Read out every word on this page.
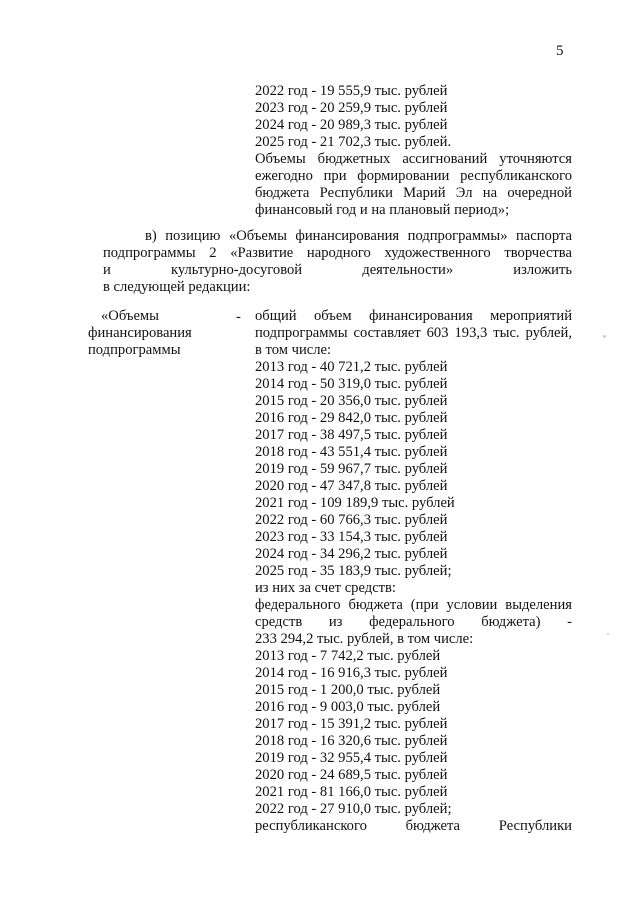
5
2022 год - 19 555,9 тыс. рублей
2023 год - 20 259,9 тыс. рублей
2024 год - 20 989,3 тыс. рублей
2025 год - 21 702,3 тыс. рублей.
Объемы бюджетных ассигнований уточняются
ежегодно при формировании республиканского
бюджета Республики Марий Эл на очередной
финансовый год и на плановый период»;
в) позицию «Объемы финансирования подпрограммы» паспорта
подпрограммы 2 «Развитие народного художественного творчества
и культурно-досуговой деятельности» изложить
в следующей редакции:
«Объемы
финансирования
подпрограммы
- общий объем финансирования мероприятий
подпрограммы составляет 603 193,3 тыс. рублей,
в том числе:
2013 год - 40 721,2 тыс. рублей
2014 год - 50 319,0 тыс. рублей
2015 год - 20 356,0 тыс. рублей
2016 год - 29 842,0 тыс. рублей
2017 год - 38 497,5 тыс. рублей
2018 год - 43 551,4 тыс. рублей
2019 год - 59 967,7 тыс. рублей
2020 год - 47 347,8 тыс. рублей
2021 год - 109 189,9 тыс. рублей
2022 год - 60 766,3 тыс. рублей
2023 год - 33 154,3 тыс. рублей
2024 год - 34 296,2 тыс. рублей
2025 год - 35 183,9 тыс. рублей;
из них за счет средств:
федерального бюджета (при условии выделения
средств из федерального бюджета) -
233 294,2 тыс. рублей, в том числе:
2013 год - 7 742,2 тыс. рублей
2014 год - 16 916,3 тыс. рублей
2015 год - 1 200,0 тыс. рублей
2016 год - 9 003,0 тыс. рублей
2017 год - 15 391,2 тыс. рублей
2018 год - 16 320,6 тыс. рублей
2019 год - 32 955,4 тыс. рублей
2020 год - 24 689,5 тыс. рублей
2021 год - 81 166,0 тыс. рублей
2022 год - 27 910,0 тыс. рублей;
республиканского бюджета Республики
